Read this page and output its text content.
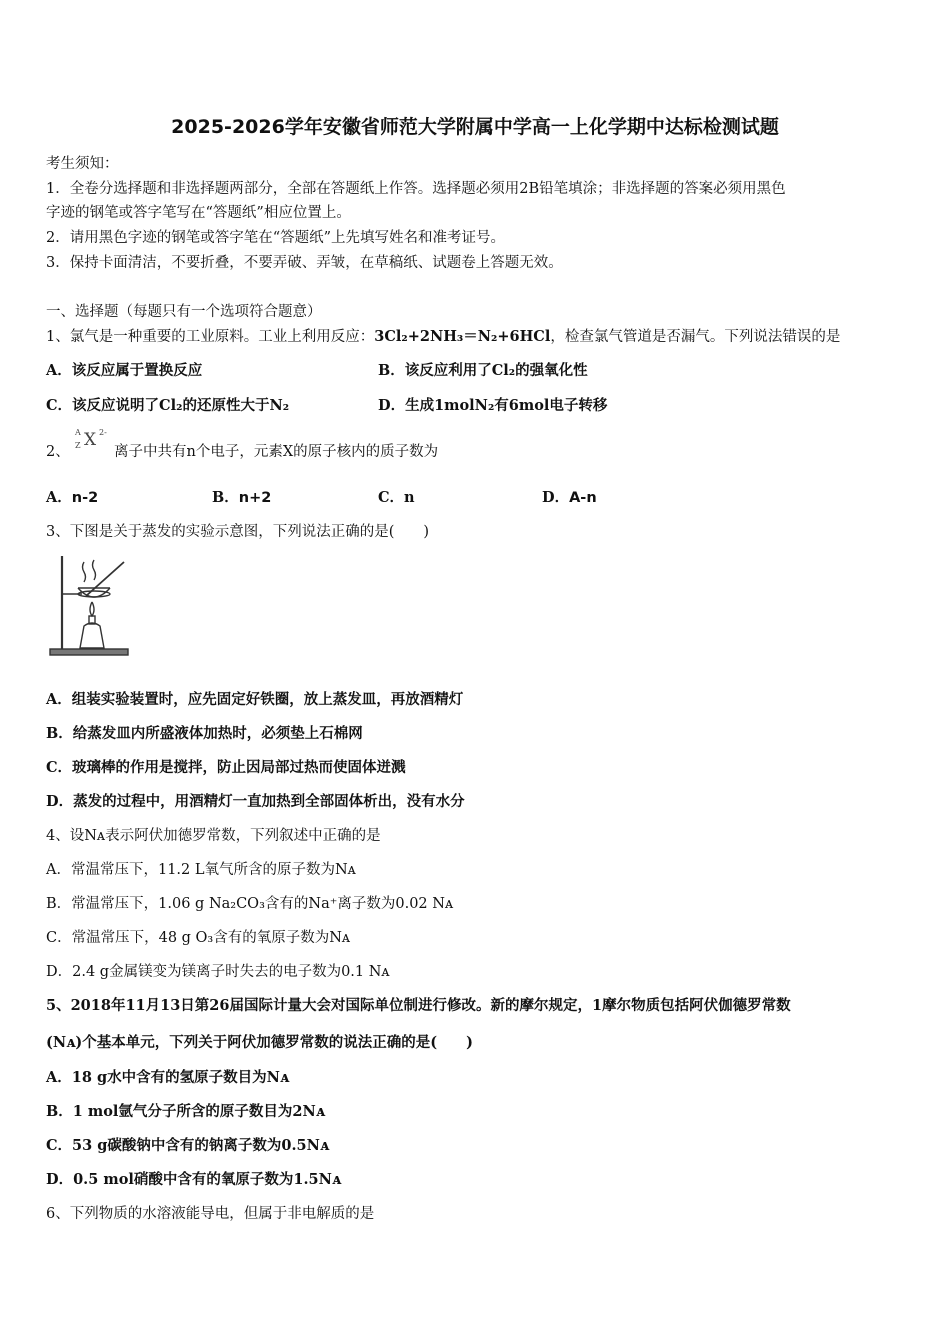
2025-2026学年安徽省师范大学附属中学高一上化学期中达标检测试题
考生须知：
1．全卷分选择题和非选择题两部分，全部在答题纸上作答。选择题必须用2B铅笔填涂；非选择题的答案必须用黑色
字迹的钢笔或答字笔写在“答题纸”相应位置上。
2．请用黑色字迹的钢笔或答字笔在“答题纸”上先填写姓名和准考证号。
3．保持卡面清洁，不要折叠，不要弄破、弄皱，在草稿纸、试题卷上答题无效。
一、选择题（每题只有一个选项符合题意）
1、氯气是一种重要的工业原料。工业上利用反应：3Cl₂+2NH₃＝N₂+6HCl，检查氯气管道是否漏气。下列说法错误的是
A．该反应属于置换反应	B．该反应利用了Cl₂的强氧化性
C．该反应说明了Cl₂的还原性大于N₂	D．生成1molN₂有6mol电子转移
2、
A
Z X 2-
离子中共有n个电子，元素X的原子核内的质子数为
A．n-2	B．n+2	C．n	D．A-n
3、下图是关于蒸发的实验示意图，下列说法正确的是(　　)
A．组装实验装置时，应先固定好铁圈，放上蒸发皿，再放酒精灯
B．给蒸发皿内所盛液体加热时，必须垫上石棉网
C．玻璃棒的作用是搅拌，防止因局部过热而使固体迸溅
D．蒸发的过程中，用酒精灯一直加热到全部固体析出，没有水分
4、设Nᴀ表示阿伏加德罗常数，下列叙述中正确的是
A．常温常压下，11.2 L氧气所含的原子数为Nᴀ
B．常温常压下，1.06 g Na₂CO₃含有的Na⁺离子数为0.02 Nᴀ
C．常温常压下，48 g O₃含有的氧原子数为Nᴀ
D．2.4 g金属镁变为镁离子时失去的电子数为0.1 Nᴀ
5、2018年11月13日第26届国际计量大会对国际单位制进行修改。新的摩尔规定，1摩尔物质包括阿伏伽德罗常数
(Nᴀ)个基本单元，下列关于阿伏加德罗常数的说法正确的是(　　)
A．18 g水中含有的氢原子数目为Nᴀ
B．1 mol氩气分子所含的原子数目为2Nᴀ
C．53 g碳酸钠中含有的钠离子数为0.5Nᴀ
D．0.5 mol硝酸中含有的氧原子数为1.5Nᴀ
6、下列物质的水溶液能导电，但属于非电解质的是
